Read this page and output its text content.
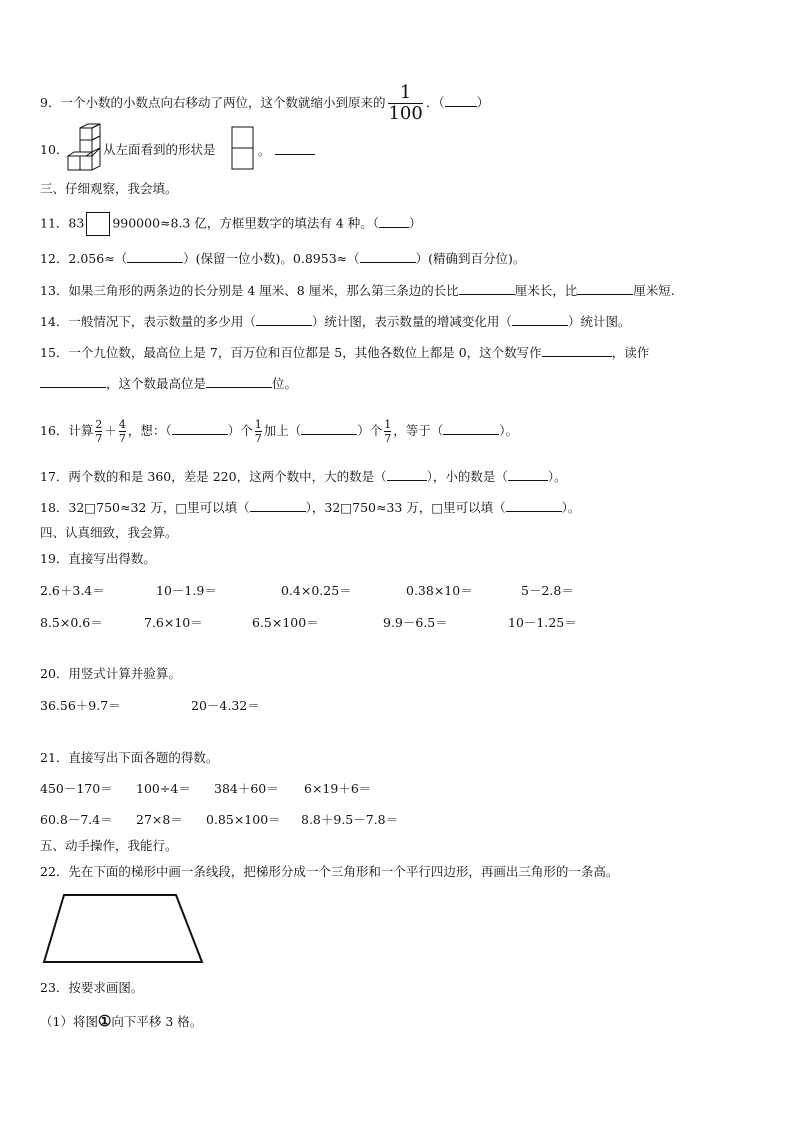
9．一个小数的小数点向右移动了两位，这个数就缩小到原来的 $\frac{1}{100}$ ．（	）
10．	从左面看到的形状是	。
三、仔细观察，我会填。
11．83 990000≈8.3 亿，方框里数字的填法有 4 种。（ ）
12．2.056≈（	）(保留一位小数)。0.8953≈（	）(精确到百分位)。
13．如果三角形的两条边的长分别是 4 厘米、8 厘米，那么第三条边的长比	厘米长，比	厘米短.
14．一般情况下，表示数量的多少用（	）统计图，表示数量的增减变化用（	）统计图。
15．一个九位数，最高位上是 7，百万位和百位都是 5，其他各数位上都是 0，这个数写作	，读作
，这个数最高位是	位。
16．计算 $\frac{2}{7} + \frac{4}{7}$ ，想：（	）个 $\frac{1}{7}$ 加上（	）个 $\frac{1}{7}$ ，等于（	）。
17．两个数的和是 360，差是 220，这两个数中，大的数是（	），小的数是（	）。
18．32□750≈32 万，□里可以填（	），32□750≈33 万，□里可以填（	）。
四、认真细致，我会算。
19．直接写出得数。
2.6＋3.4＝	10－1.9＝	0.4×0.25＝	0.38×10＝	5－2.8＝
8.5×0.6＝	7.6×10＝	6.5×100＝	9.9－6.5＝	10－1.25＝
20．用竖式计算并验算。
36.56＋9.7＝	20－4.32＝
21．直接写出下面各题的得数。
450－170＝ 100÷4＝ 384＋60＝ 6×19＋6＝
60.8－7.4＝ 27×8＝ 0.85×100＝ 8.8＋9.5－7.8＝
五、动手操作，我能行。
22．先在下面的梯形中画一条线段，把梯形分成一个三角形和一个平行四边形，再画出三角形的一条高。
23．按要求画图。
（1）将图①向下平移 3 格。
